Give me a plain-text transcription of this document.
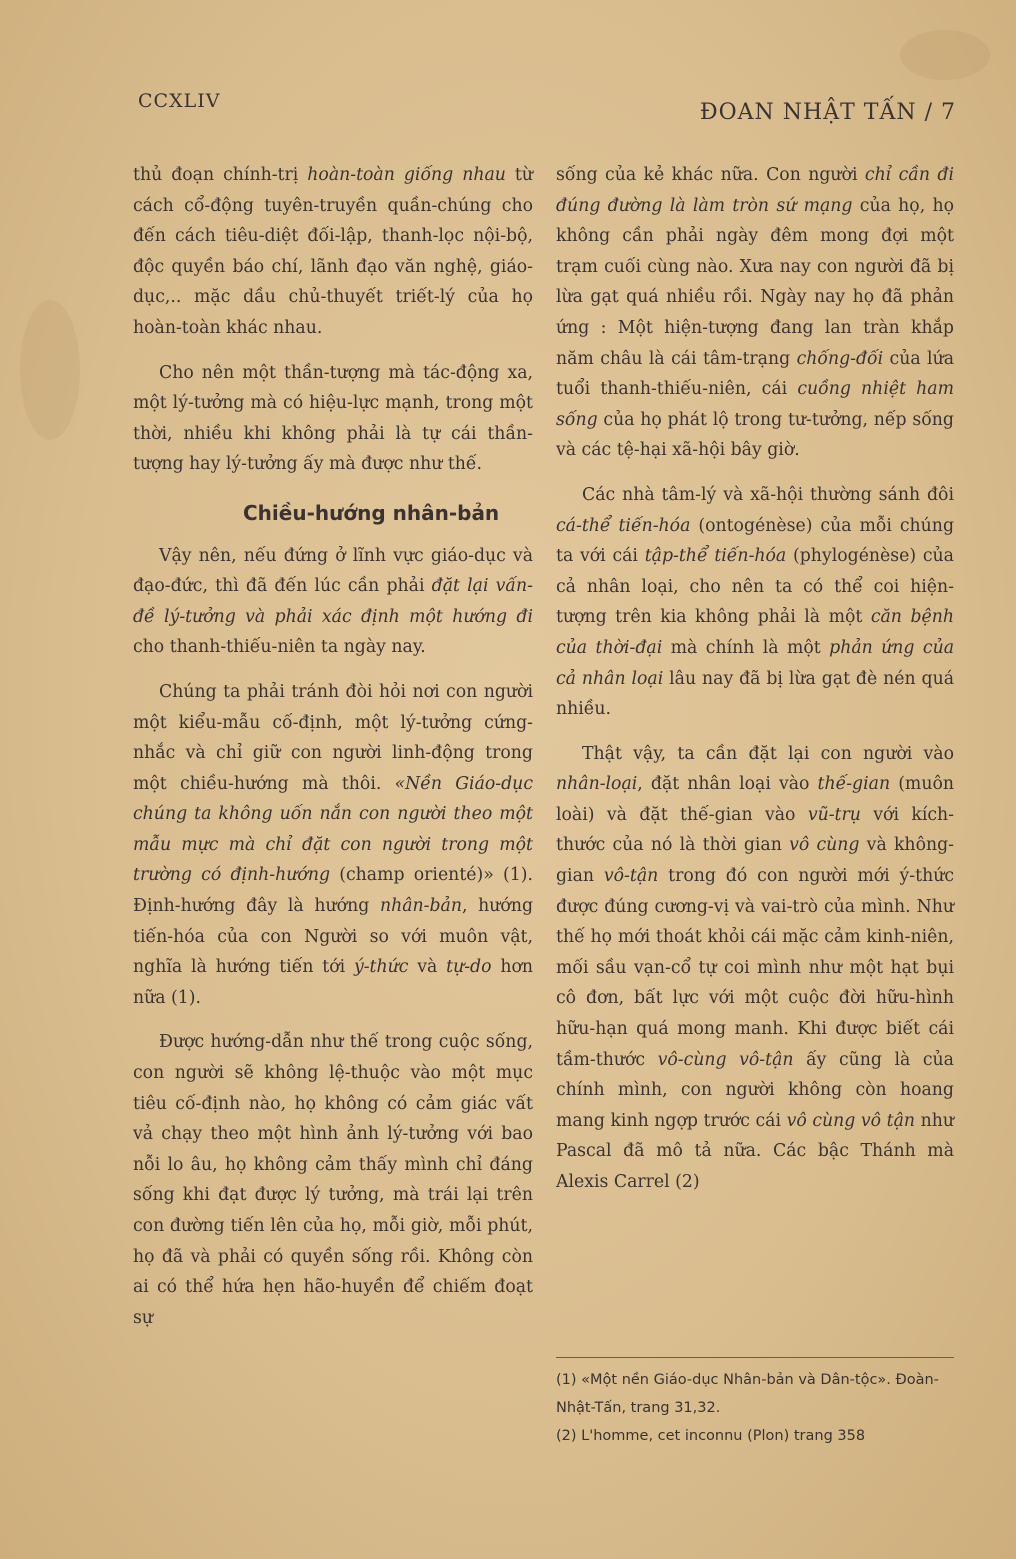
CCXLIV	ĐOAN NHẬT TẤN / 7

thủ đoạn chính-trị hoàn-toàn giống nhau từ cách cổ-động tuyên-truyền quần-chúng cho đến cách tiêu-diệt đối-lập, thanh-lọc nội-bộ, độc quyền báo chí, lãnh đạo văn nghệ, giáo-dục,.. mặc dầu chủ-thuyết triết-lý của họ hoàn-toàn khác nhau.

Cho nên một thần-tượng mà tác-động xa, một lý-tưởng mà có hiệu-lực mạnh, trong một thời, nhiều khi không phải là tự cái thần-tượng hay lý-tưởng ấy mà được như thế.

Chiều-hướng nhân-bản

Vậy nên, nếu đứng ở lĩnh vực giáo-dục và đạo-đức, thì đã đến lúc cần phải đặt lại vấn-đề lý-tưởng và phải xác định một hướng đi cho thanh-thiếu-niên ta ngày nay.

Chúng ta phải tránh đòi hỏi nơi con người một kiểu-mẫu cố-định, một lý-tưởng cứng-nhắc và chỉ giữ con người linh-động trong một chiều-hướng mà thôi. «Nền Giáo-dục chúng ta không uốn nắn con người theo một mẫu mực mà chỉ đặt con người trong một trường có định-hướng (champ orienté)» (1). Định-hướng đây là hướng nhân-bản, hướng tiến-hóa của con Người so với muôn vật, nghĩa là hướng tiến tới ý-thức và tự-do hơn nữa (1).

Được hướng-dẫn như thế trong cuộc sống, con người sẽ không lệ-thuộc vào một mục tiêu cố-định nào, họ không có cảm giác vất vả chạy theo một hình ảnh lý-tưởng với bao nỗi lo âu, họ không cảm thấy mình chỉ đáng sống khi đạt được lý tưởng, mà trái lại trên con đường tiến lên của họ, mỗi giờ, mỗi phút, họ đã và phải có quyền sống rồi. Không còn ai có thể hứa hẹn hão-huyền để chiếm đoạt sự

sống của kẻ khác nữa. Con người chỉ cần đi đúng đường là làm tròn sứ mạng của họ, họ không cần phải ngày đêm mong đợi một trạm cuối cùng nào. Xưa nay con người đã bị lừa gạt quá nhiều rồi. Ngày nay họ đã phản ứng : Một hiện-tượng đang lan tràn khắp năm châu là cái tâm-trạng chống-đối của lứa tuổi thanh-thiếu-niên, cái cuồng nhiệt ham sống của họ phát lộ trong tư-tưởng, nếp sống và các tệ-hại xã-hội bây giờ.

Các nhà tâm-lý và xã-hội thường sánh đôi cá-thể tiến-hóa (ontogénèse) của mỗi chúng ta với cái tập-thể tiến-hóa (phylogénèse) của cả nhân loại, cho nên ta có thể coi hiện-tượng trên kia không phải là một căn bệnh của thời-đại mà chính là một phản ứng của cả nhân loại lâu nay đã bị lừa gạt đè nén quá nhiều.

Thật vậy, ta cần đặt lại con người vào nhân-loại, đặt nhân loại vào thế-gian (muôn loài) và đặt thế-gian vào vũ-trụ với kích-thước của nó là thời gian vô cùng và không-gian vô-tận trong đó con người mới ý-thức được đúng cương-vị và vai-trò của mình. Như thế họ mới thoát khỏi cái mặc cảm kinh-niên, mối sầu vạn-cổ tự coi mình như một hạt bụi cô đơn, bất lực với một cuộc đời hữu-hình hữu-hạn quá mong manh. Khi được biết cái tầm-thước vô-cùng vô-tận ấy cũng là của chính mình, con người không còn hoang mang kinh ngợp trước cái vô cùng vô tận như Pascal đã mô tả nữa. Các bậc Thánh mà Alexis Carrel (2)

(1) «Một nền Giáo-dục Nhân-bản và Dân-tộc». Đoàn-Nhật-Tấn, trang 31,32.

(2) L'homme, cet inconnu (Plon) trang 358
